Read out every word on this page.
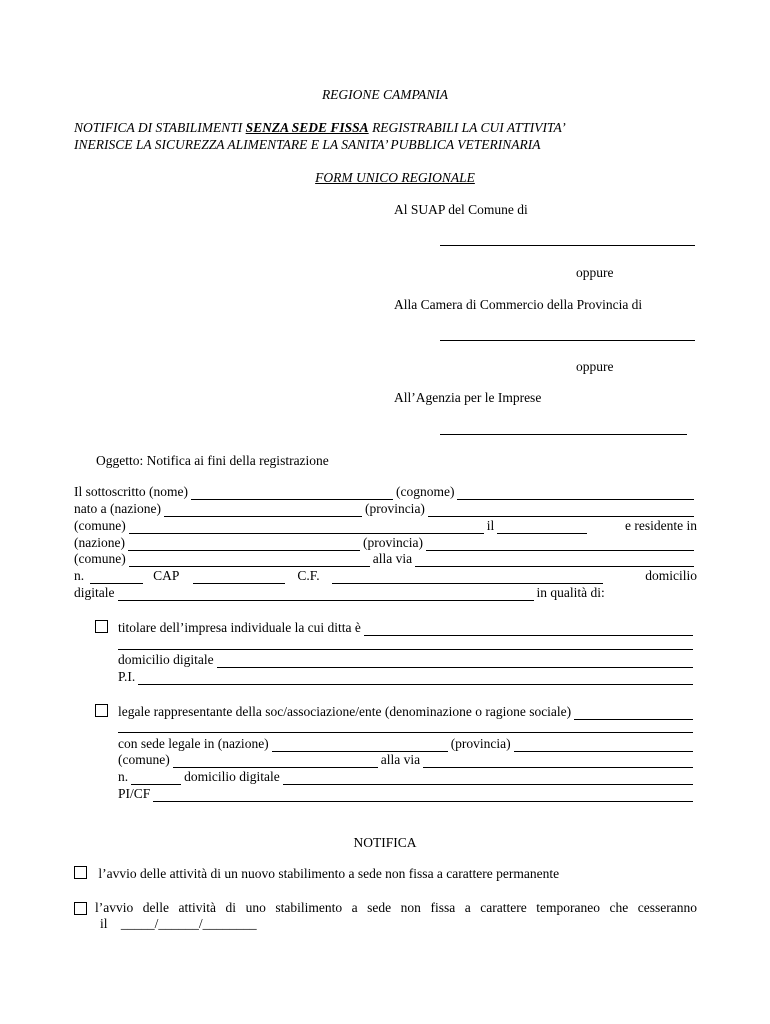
REGIONE CAMPANIA
NOTIFICA DI STABILIMENTI SENZA SEDE FISSA REGISTRABILI LA CUI ATTIVITA’
INERISCE LA SICUREZZA ALIMENTARE E LA SANITA’ PUBBLICA VETERINARIA
FORM UNICO REGIONALE
Al SUAP del Comune di
oppure
Alla Camera di Commercio della Provincia di
oppure
All’Agenzia per le Imprese
Oggetto: Notifica ai fini della registrazione
Il sottoscritto (nome)	(cognome)
nato a (nazione)	(provincia)
(comune)	il	e residente in
(nazione)	(provincia)
(comune)	alla via
n.	CAP	C.F.	domicilio
digitale	in qualità di:
titolare dell’impresa individuale la cui ditta è
domicilio digitale
P.I.
legale rappresentante della soc/associazione/ente (denominazione o ragione sociale)
con sede legale in (nazione)	(provincia)
(comune)	alla via
n.	domicilio digitale
PI/CF
NOTIFICA
l’avvio delle attività di un nuovo stabilimento a sede non fissa a carattere permanente
l’avvio delle attività di uno stabilimento a sede non fissa a carattere temporaneo che cesseranno
il _____/______/________
